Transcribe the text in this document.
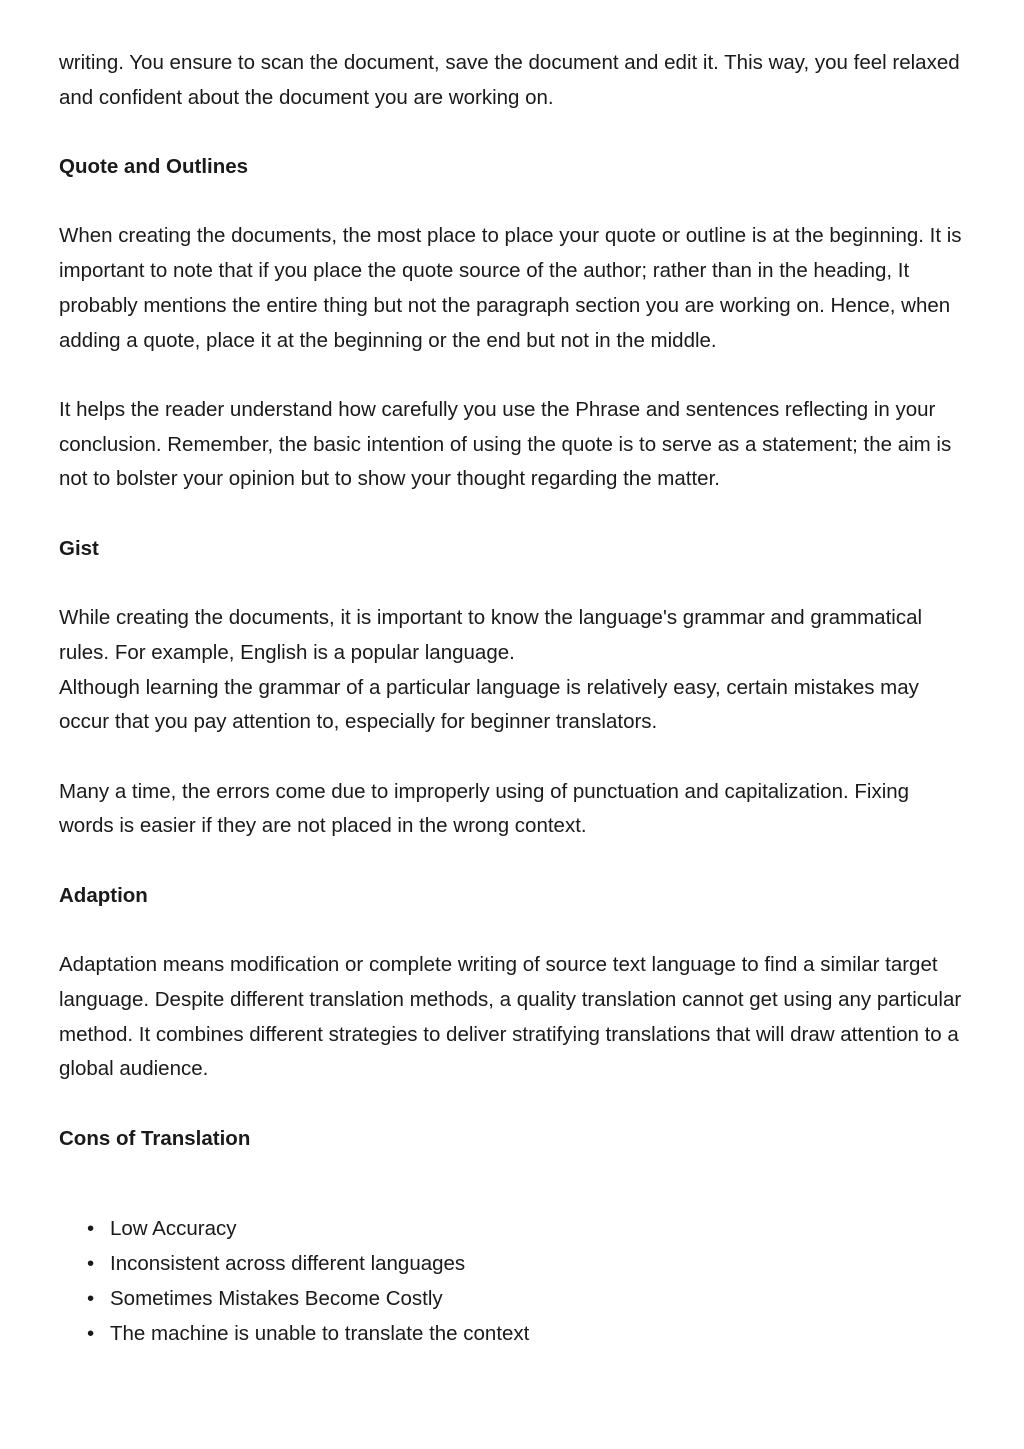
writing. You ensure to scan the document, save the document and edit it. This way, you feel relaxed and confident about the document you are working on.

Quote and Outlines

When creating the documents, the most place to place your quote or outline is at the beginning. It is important to note that if you place the quote source of the author; rather than in the heading, It probably mentions the entire thing but not the paragraph section you are working on. Hence, when adding a quote, place it at the beginning or the end but not in the middle.

It helps the reader understand how carefully you use the Phrase and sentences reflecting in your conclusion. Remember, the basic intention of using the quote is to serve as a statement; the aim is not to bolster your opinion but to show your thought regarding the matter.

Gist

While creating the documents, it is important to know the language's grammar and grammatical rules. For example, English is a popular language.

Although learning the grammar of a particular language is relatively easy, certain mistakes may occur that you pay attention to, especially for beginner translators.

Many a time, the errors come due to improperly using of punctuation and capitalization. Fixing words is easier if they are not placed in the wrong context.

Adaption

Adaptation means modification or complete writing of source text language to find a similar target language. Despite different translation methods, a quality translation cannot get using any particular method. It combines different strategies to deliver stratifying translations that will draw attention to a global audience.

Cons of Translation
• Low Accuracy
• Inconsistent across different languages
• Sometimes Mistakes Become Costly
• The machine is unable to translate the context
